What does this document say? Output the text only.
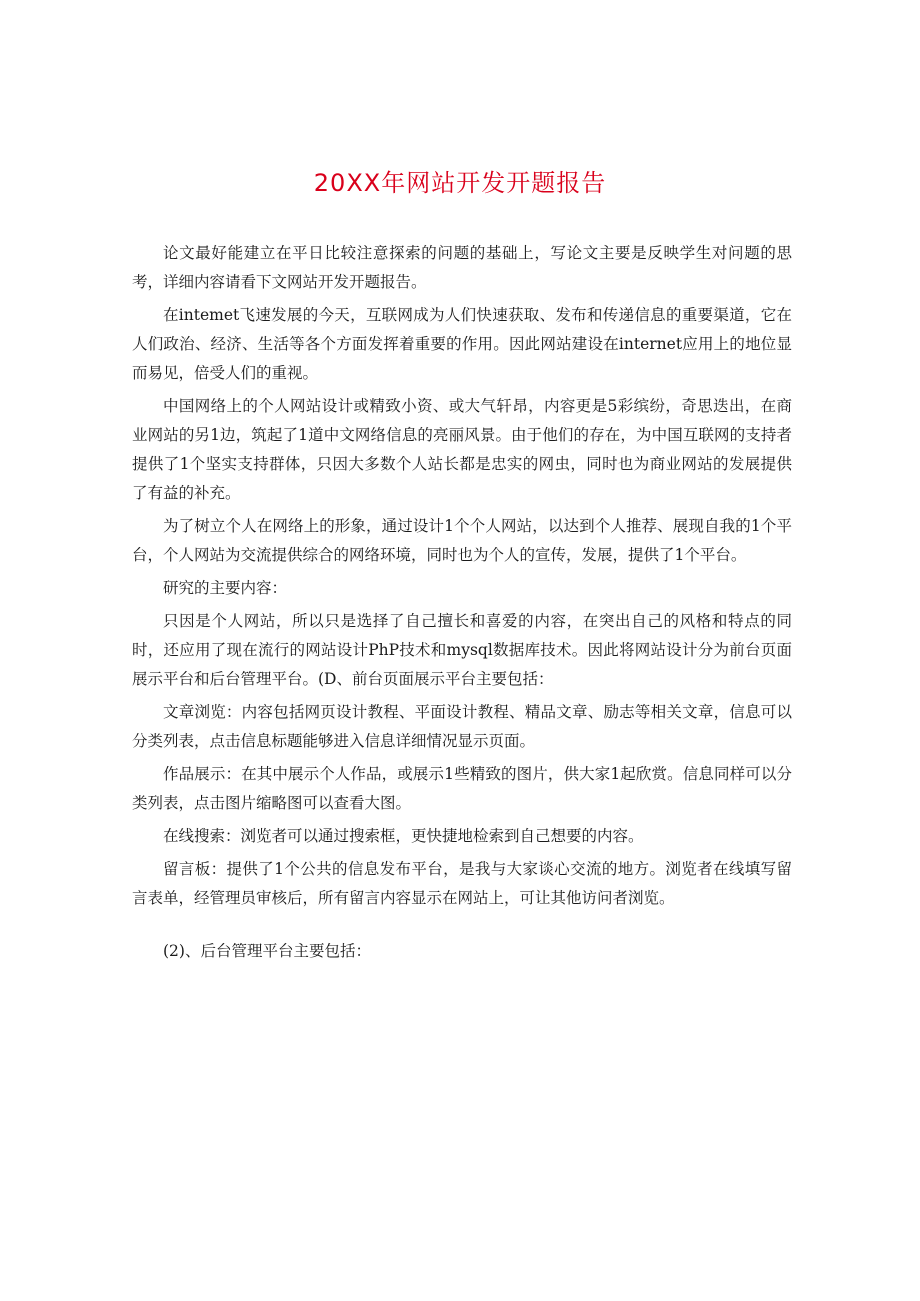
20XX年网站开发开题报告

论文最好能建立在平日比较注意探索的问题的基础上，写论文主要是反映学生对问题的思考，详细内容请看下文网站开发开题报告。

在intemet飞速发展的今天，互联网成为人们快速获取、发布和传递信息的重要渠道，它在人们政治、经济、生活等各个方面发挥着重要的作用。因此网站建设在internet应用上的地位显而易见，倍受人们的重视。

中国网络上的个人网站设计或精致小资、或大气轩昂，内容更是5彩缤纷，奇思迭出，在商业网站的另1边，筑起了1道中文网络信息的亮丽风景。由于他们的存在，为中国互联网的支持者提供了1个坚实支持群体，只因大多数个人站长都是忠实的网虫，同时也为商业网站的发展提供了有益的补充。

为了树立个人在网络上的形象，通过设计1个个人网站，以达到个人推荐、展现自我的1个平台，个人网站为交流提供综合的网络环境，同时也为个人的宣传，发展，提供了1个平台。

研究的主要内容：

只因是个人网站，所以只是选择了自己擅长和喜爱的内容，在突出自己的风格和特点的同时，还应用了现在流行的网站设计PhP技术和mysql数据库技术。因此将网站设计分为前台页面展示平台和后台管理平台。(D、前台页面展示平台主要包括：

文章浏览：内容包括网页设计教程、平面设计教程、精品文章、励志等相关文章，信息可以分类列表，点击信息标题能够进入信息详细情况显示页面。

作品展示：在其中展示个人作品，或展示1些精致的图片，供大家1起欣赏。信息同样可以分类列表，点击图片缩略图可以查看大图。

在线搜索：浏览者可以通过搜索框，更快捷地检索到自己想要的内容。

留言板：提供了1个公共的信息发布平台，是我与大家谈心交流的地方。浏览者在线填写留言表单，经管理员审核后，所有留言内容显示在网站上，可让其他访问者浏览。

(2)、后台管理平台主要包括：
